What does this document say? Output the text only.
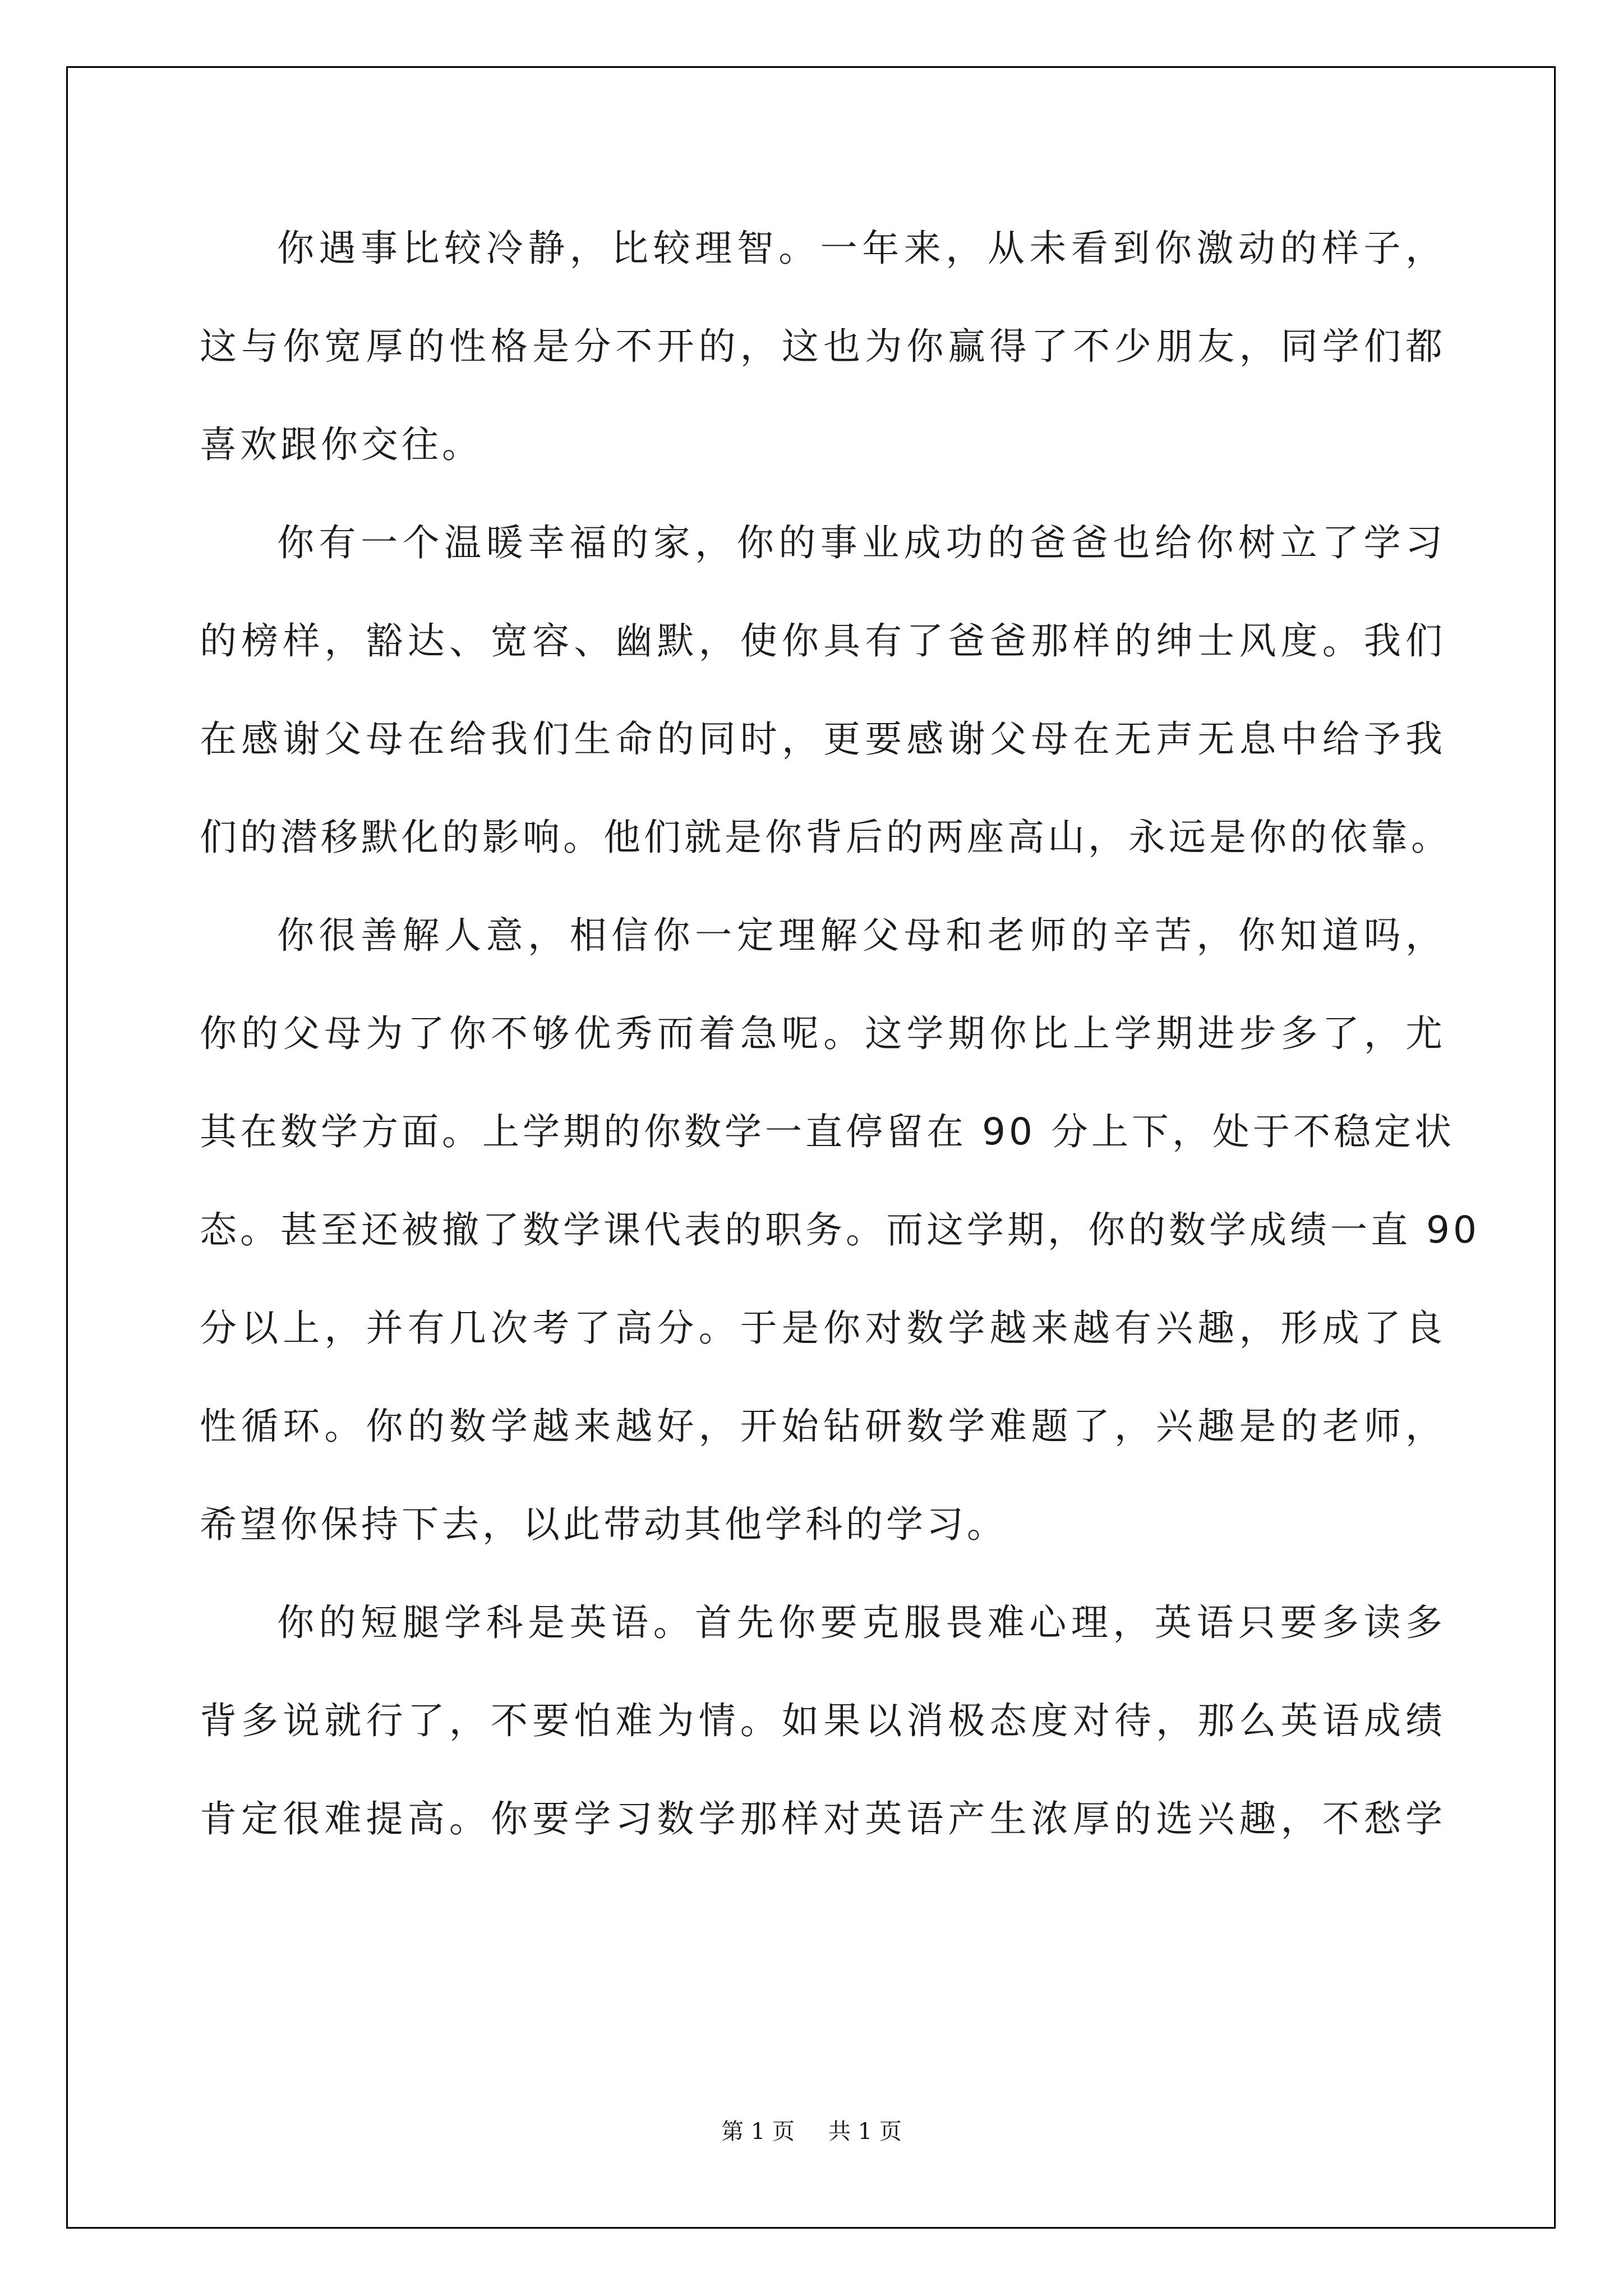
你遇事比较冷静，比较理智。一年来，从未看到你激动的样子，
这与你宽厚的性格是分不开的，这也为你赢得了不少朋友，同学们都
喜欢跟你交往。
你有一个温暖幸福的家，你的事业成功的爸爸也给你树立了学习
的榜样，豁达、宽容、幽默，使你具有了爸爸那样的绅士风度。我们
在感谢父母在给我们生命的同时，更要感谢父母在无声无息中给予我
们的潜移默化的影响。他们就是你背后的两座高山，永远是你的依靠。
你很善解人意，相信你一定理解父母和老师的辛苦，你知道吗，
你的父母为了你不够优秀而着急呢。这学期你比上学期进步多了，尤
其在数学方面。上学期的你数学一直停留在 90 分上下，处于不稳定状
态。甚至还被撤了数学课代表的职务。而这学期，你的数学成绩一直 90
分以上，并有几次考了高分。于是你对数学越来越有兴趣，形成了良
性循环。你的数学越来越好，开始钻研数学难题了，兴趣是的老师，
希望你保持下去，以此带动其他学科的学习。
你的短腿学科是英语。首先你要克服畏难心理，英语只要多读多
背多说就行了，不要怕难为情。如果以消极态度对待，那么英语成绩
肯定很难提高。你要学习数学那样对英语产生浓厚的选兴趣，不愁学
第 1 页 共 1 页
